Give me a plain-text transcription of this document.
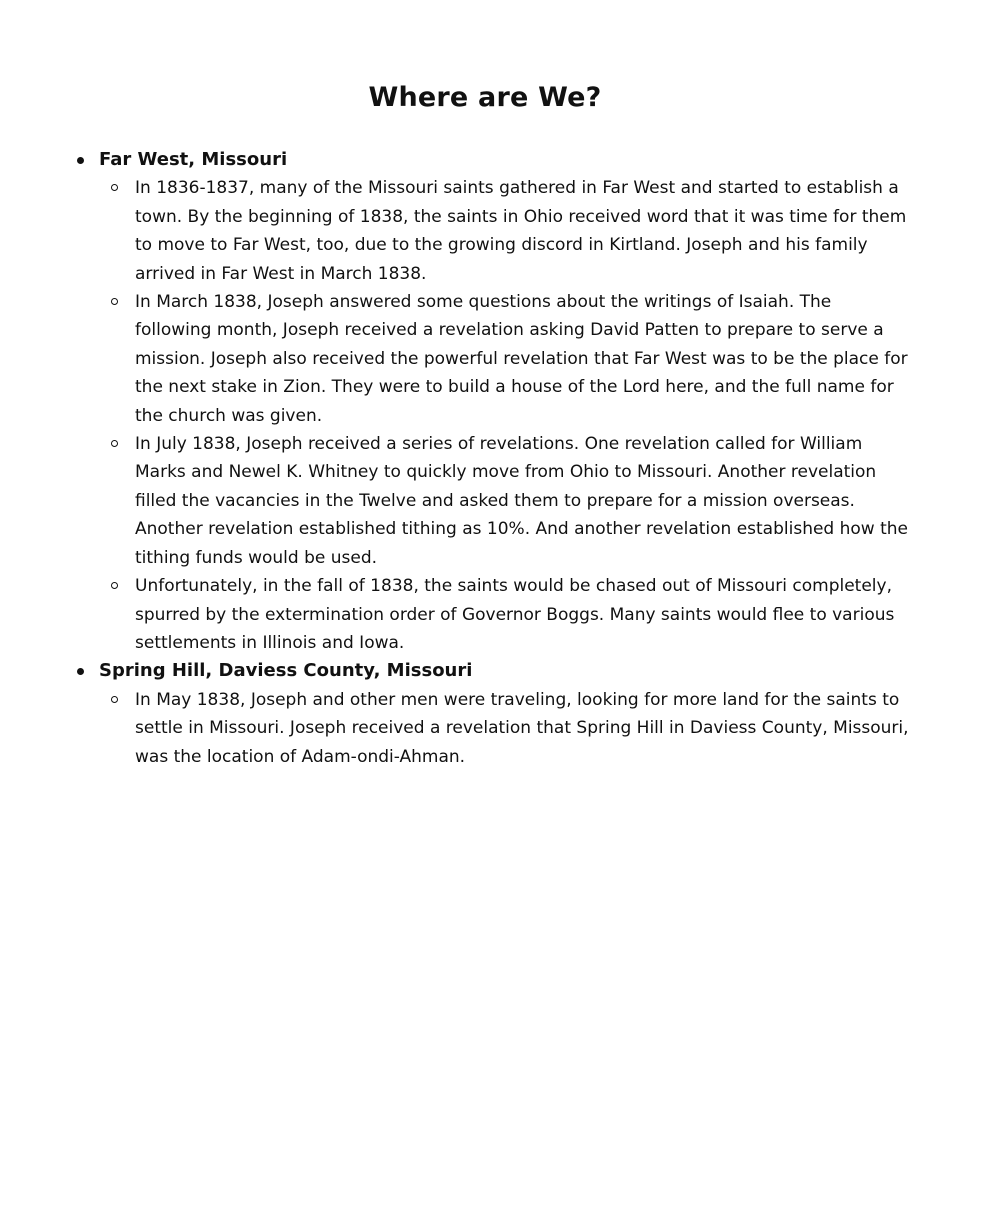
Where are We?
Far West, Missouri
In 1836-1837, many of the Missouri saints gathered in Far West and started to establish a town. By the beginning of 1838, the saints in Ohio received word that it was time for them to move to Far West, too, due to the growing discord in Kirtland. Joseph and his family arrived in Far West in March 1838.
In March 1838, Joseph answered some questions about the writings of Isaiah. The following month, Joseph received a revelation asking David Patten to prepare to serve a mission. Joseph also received the powerful revelation that Far West was to be the place for the next stake in Zion. They were to build a house of the Lord here, and the full name for the church was given.
In July 1838, Joseph received a series of revelations. One revelation called for William Marks and Newel K. Whitney to quickly move from Ohio to Missouri. Another revelation filled the vacancies in the Twelve and asked them to prepare for a mission overseas. Another revelation established tithing as 10%. And another revelation established how the tithing funds would be used.
Unfortunately, in the fall of 1838, the saints would be chased out of Missouri completely, spurred by the extermination order of Governor Boggs. Many saints would flee to various settlements in Illinois and Iowa.
Spring Hill, Daviess County, Missouri
In May 1838, Joseph and other men were traveling, looking for more land for the saints to settle in Missouri. Joseph received a revelation that Spring Hill in Daviess County, Missouri, was the location of Adam-ondi-Ahman.
